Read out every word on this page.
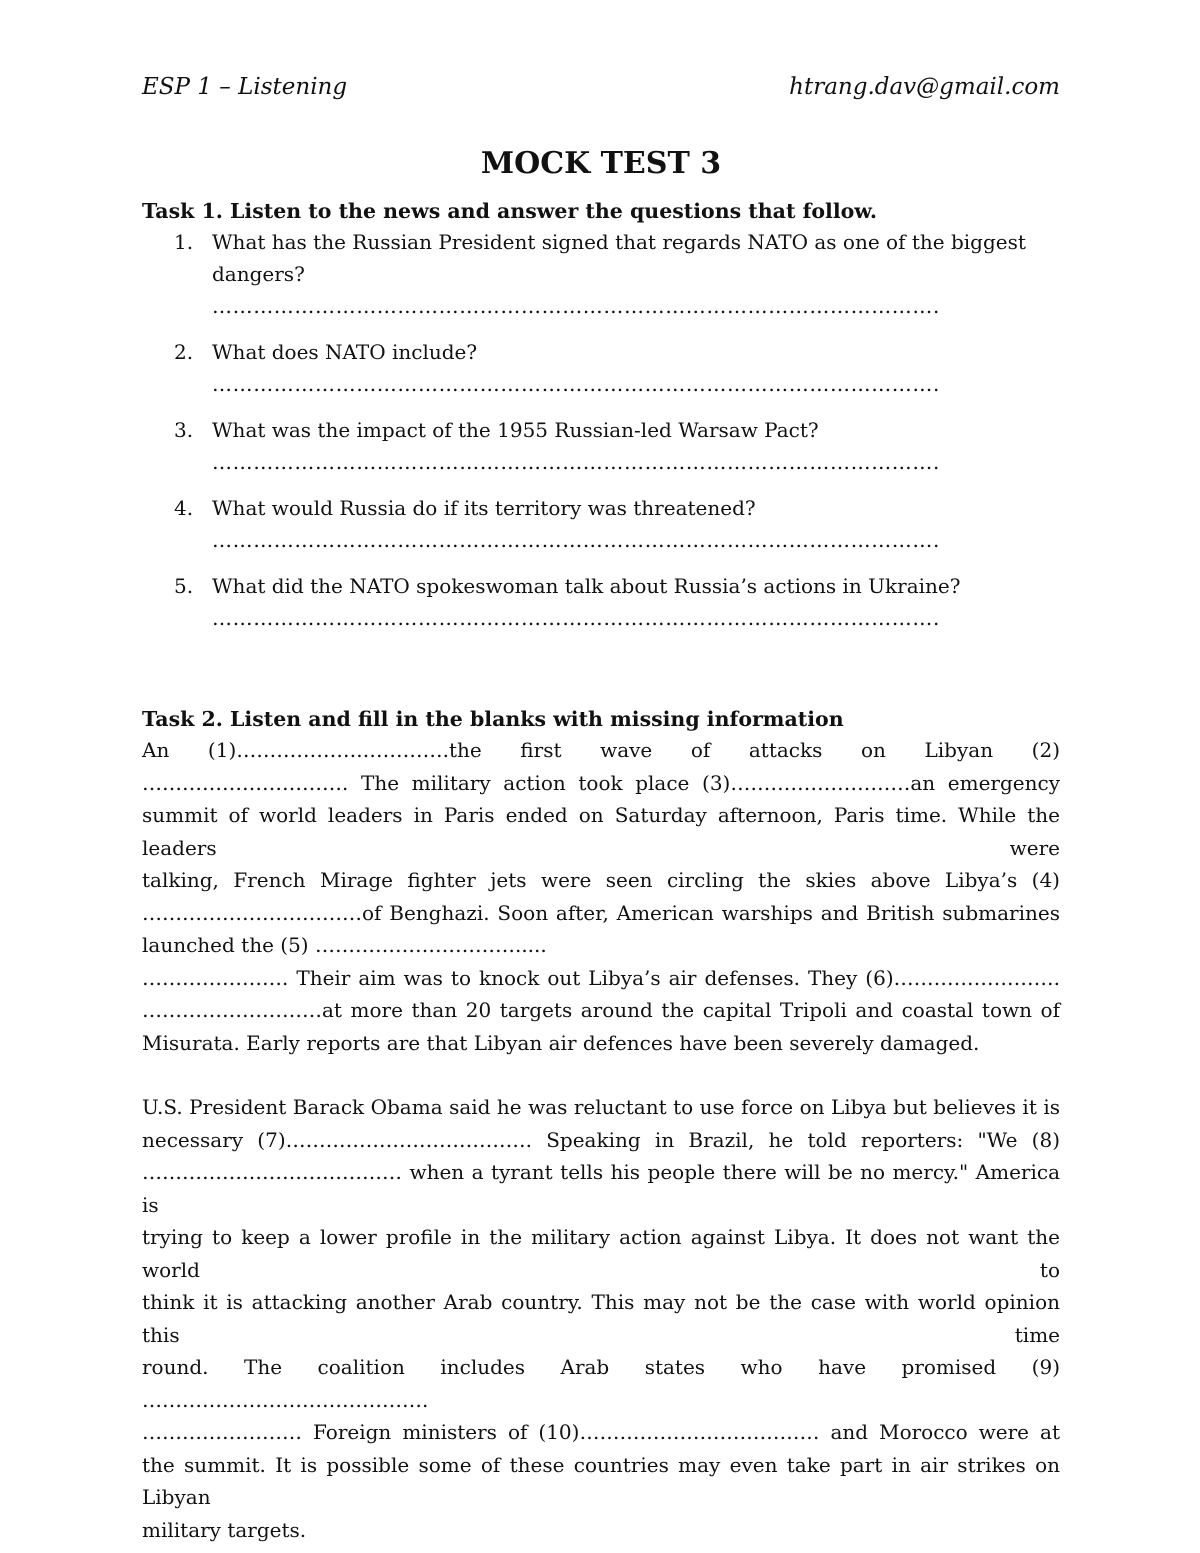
ESP 1 – Listening	htrang.dav@gmail.com
MOCK TEST 3
Task 1. Listen to the news and answer the questions that follow.
1. What has the Russian President signed that regards NATO as one of the biggest dangers?
…………………………………………………………………………………………….
2. What does NATO include?
…………………………………………………………………………………………….
3. What was the impact of the 1955 Russian-led Warsaw Pact?
…………………………………………………………………………………………….
4. What would Russia do if its territory was threatened?
…………………………………………………………………………………………….
5. What did the NATO spokeswoman talk about Russia’s actions in Ukraine?
…………………………………………………………………………………………….
Task 2. Listen and fill in the blanks with missing information

An (1)……………….………….the first wave of attacks on Libyan (2)
…………………………. The military action took place (3)………………………an emergency
summit of world leaders in Paris ended on Saturday afternoon, Paris time. While the leaders were
talking, French Mirage fighter jets were seen circling the skies above Libya’s (4)
……………………………of Benghazi. Soon after, American warships and British submarines
launched the (5) ………………………….....
…………………. Their aim was to knock out Libya’s air defenses. They (6)…………………….
………………………at more than 20 targets around the capital Tripoli and coastal town of
Misurata. Early reports are that Libyan air defences have been severely damaged.

U.S. President Barack Obama said he was reluctant to use force on Libya but believes it is
necessary (7)………………………………. Speaking in Brazil, he told reporters: "We (8)
………………………………… when a tyrant tells his people there will be no mercy." America is
trying to keep a lower profile in the military action against Libya. It does not want the world to
think it is attacking another Arab country. This may not be the case with world opinion this time
round. The coalition includes Arab states who have promised (9)
…………………………………….
…………………… Foreign ministers of (10)……………………………… and Morocco were at
the summit. It is possible some of these countries may even take part in air strikes on Libyan
military targets.
